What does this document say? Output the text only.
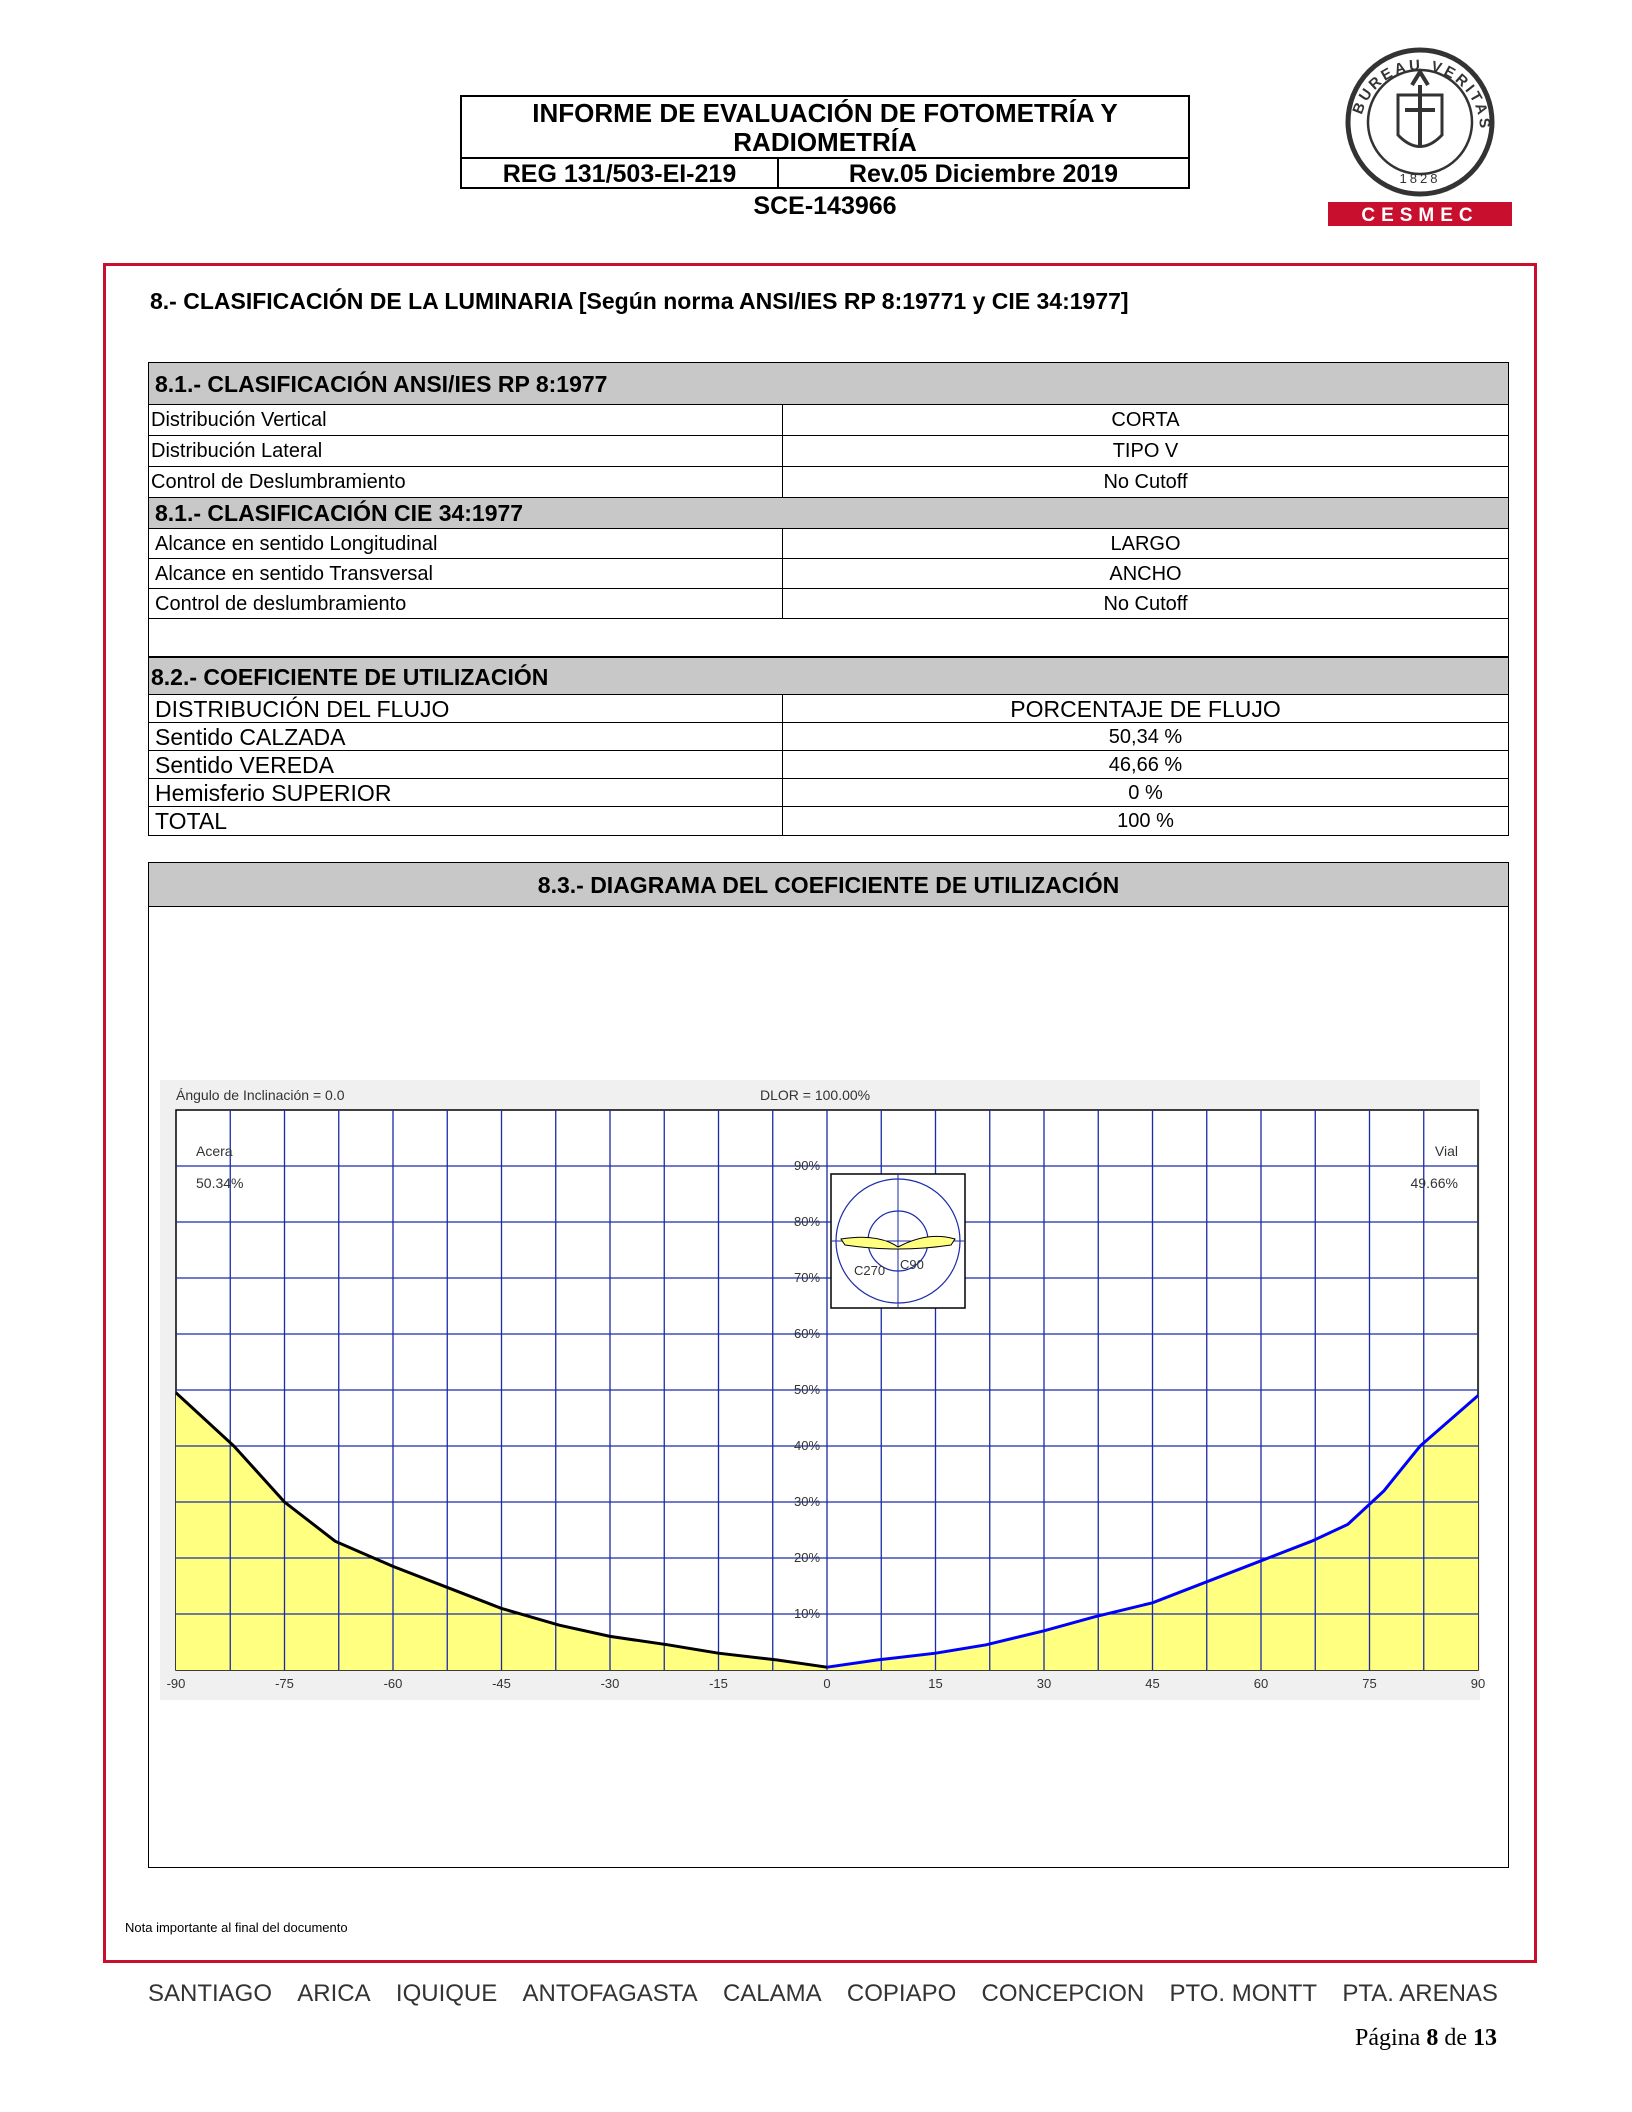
INFORME DE EVALUACIÓN DE FOTOMETRÍA Y RADIOMETRÍA
REG 131/503-EI-219	Rev.05 Diciembre 2019
SCE-143966
BUREAU VERITAS
1828
CESMEC
8.- CLASIFICACIÓN DE LA LUMINARIA [Según norma ANSI/IES RP 8:19771 y CIE 34:1977]
8.1.- CLASIFICACIÓN ANSI/IES RP 8:1977
Distribución Vertical	CORTA
Distribución Lateral	TIPO V
Control de Deslumbramiento	No Cutoff
8.1.- CLASIFICACIÓN CIE 34:1977
Alcance en sentido Longitudinal	LARGO
Alcance en sentido Transversal	ANCHO
Control de deslumbramiento	No Cutoff
8.2.- COEFICIENTE DE UTILIZACIÓN
DISTRIBUCIÓN DEL FLUJO	PORCENTAJE DE FLUJO
Sentido CALZADA	50,34 %
Sentido VEREDA	46,66 %
Hemisferio SUPERIOR	0 %
TOTAL	100 %
8.3.- DIAGRAMA DEL COEFICIENTE DE UTILIZACIÓN
10%
20%
30%
40%
50%
60%
70%
80%
90%
-90	-75	-60	-45	-30	-15	0	15	30	45	60	75	90
Ángulo de Inclinación = 0.0	DLOR = 100.00%
Acera
50.34%
Vial
49.66%
C270 C90
Nota importante al final del documento
SANTIAGO ARICA IQUIQUE ANTOFAGASTA CALAMA COPIAPO CONCEPCION PTO. MONTT PTA. ARENAS
Página 8 de 13
